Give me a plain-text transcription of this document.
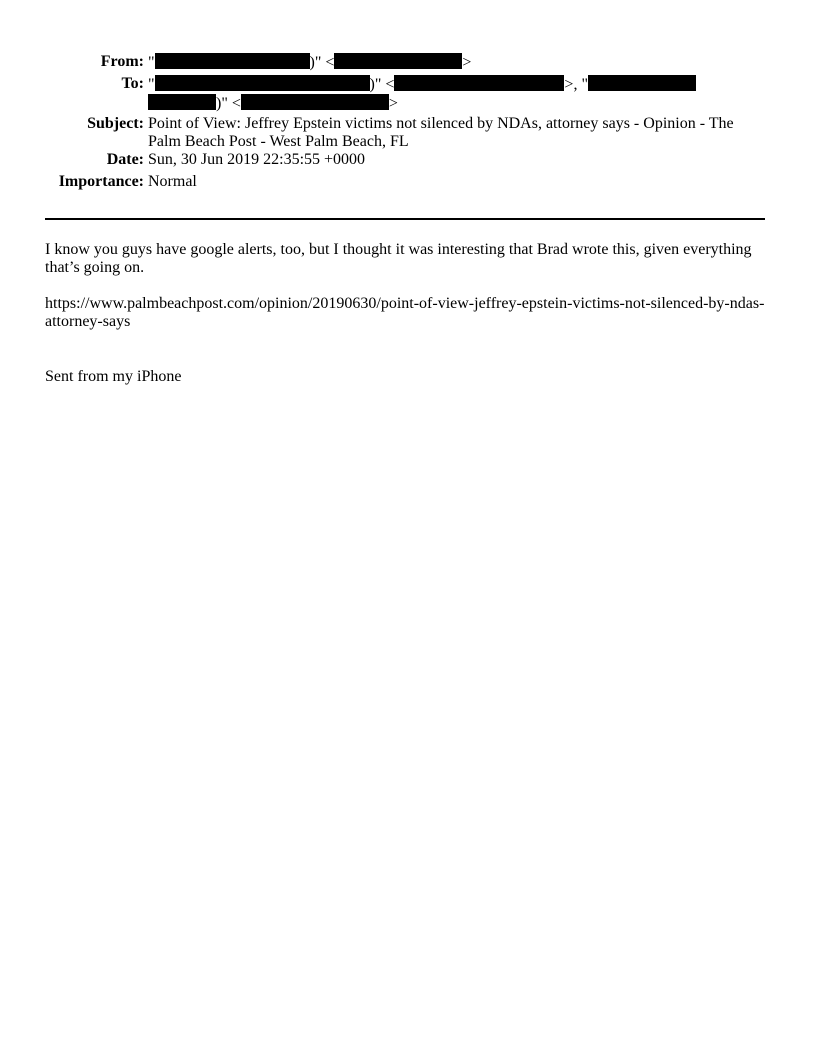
From: "	)" <	>
To: "	)" <	>, "
)" <	>
Subject: Point of View: Jeffrey Epstein victims not silenced by NDAs, attorney says - Opinion - The Palm Beach Post - West Palm Beach, FL
Date: Sun, 30 Jun 2019 22:35:55 +0000
Importance: Normal
I know you guys have google alerts, too, but I thought it was interesting that Brad wrote this, given everything that’s going on.
https://www.palmbeachpost.com/opinion/20190630/point-of-view-jeffrey-epstein-victims-not-silenced-by-ndas-attorney-says
Sent from my iPhone
